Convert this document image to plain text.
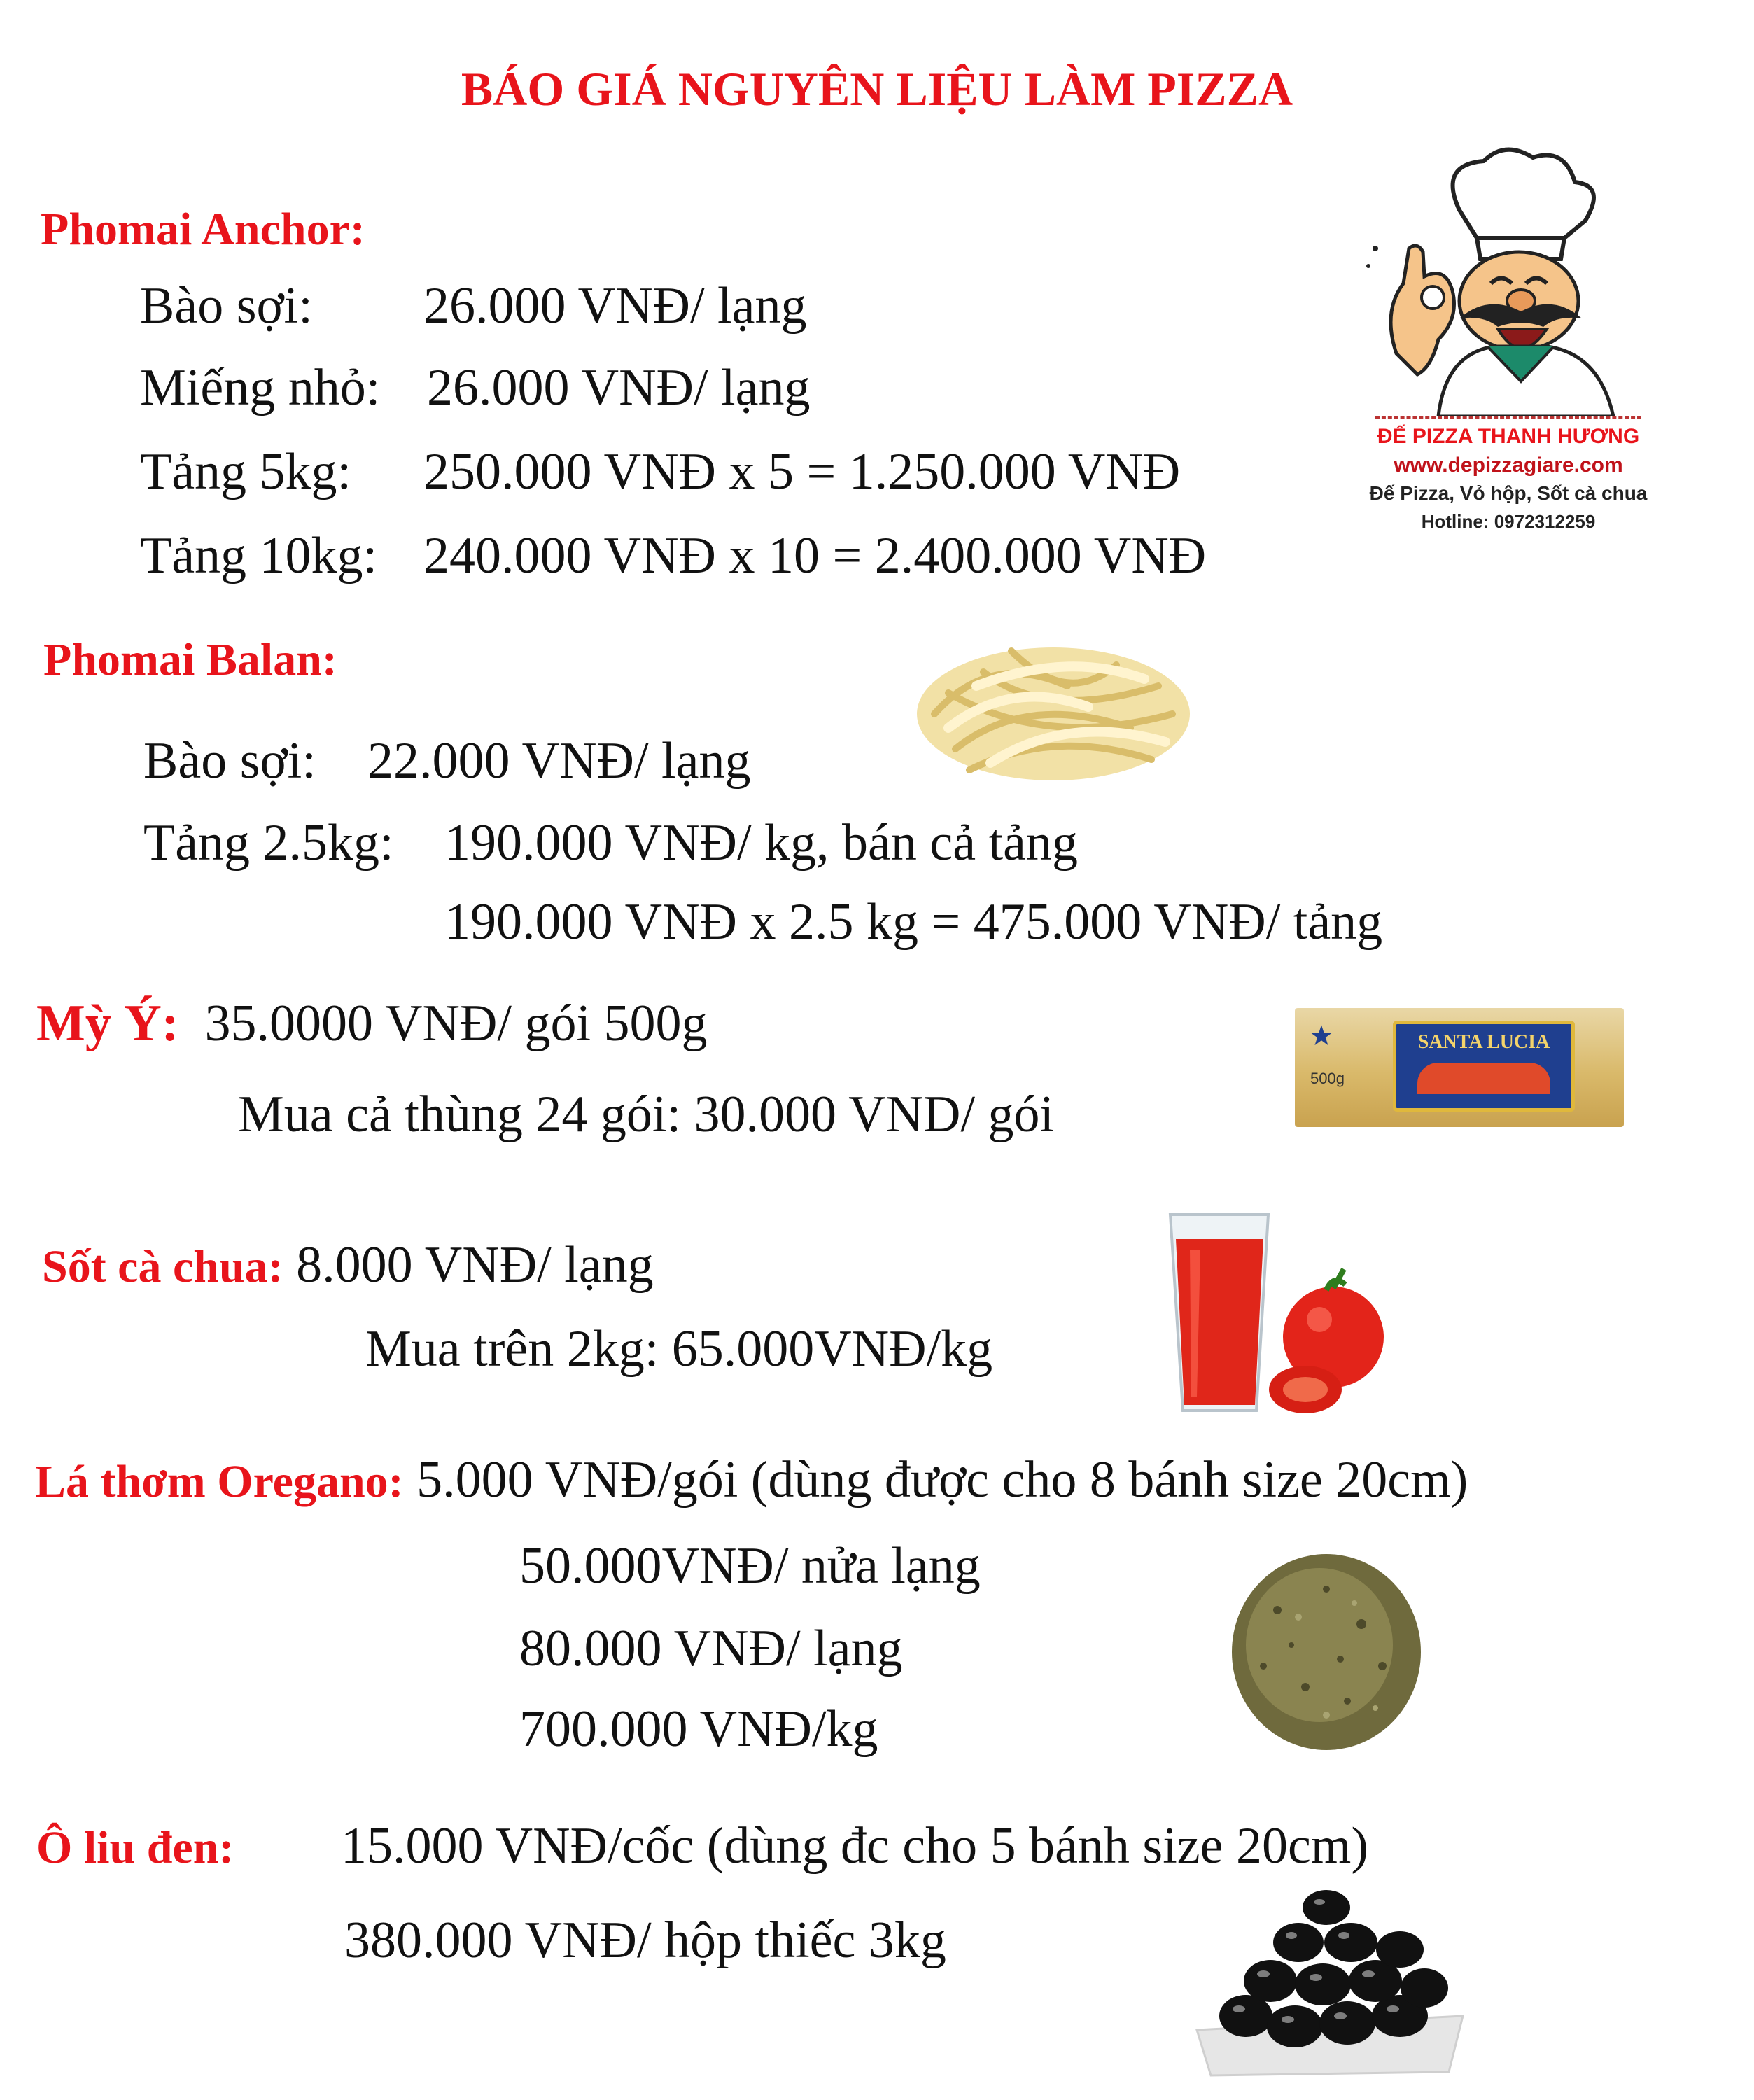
BÁO GIÁ NGUYÊN LIỆU LÀM PIZZA
Phomai Anchor:
Bào sợi: 26.000 VNĐ/ lạng
Miếng nhỏ: 26.000 VNĐ/ lạng
Tảng 5kg: 250.000 VNĐ x 5 = 1.250.000 VNĐ
Tảng 10kg: 240.000 VNĐ x 10 = 2.400.000 VNĐ
ĐẾ PIZZA THANH HƯƠNG
www.depizzagiare.com
Đế Pizza, Vỏ hộp, Sốt cà chua
Hotline: 0972312259
Phomai Balan:
Bào sợi: 22.000 VNĐ/ lạng
Tảng 2.5kg: 190.000 VNĐ/ kg, bán cả tảng
190.000 VNĐ x 2.5 kg = 475.000 VNĐ/ tảng
Mỳ Ý: 35.0000 VNĐ/ gói 500g
Mua cả thùng 24 gói: 30.000 VND/ gói
SANTA LUCIA
500g
★
Sốt cà chua: 8.000 VNĐ/ lạng
Mua trên 2kg: 65.000VNĐ/kg
Lá thơm Oregano: 5.000 VNĐ/gói (dùng được cho 8 bánh size 20cm)
50.000VNĐ/ nửa lạng
80.000 VNĐ/ lạng
700.000 VNĐ/kg
Ô liu đen: 15.000 VNĐ/cốc (dùng đc cho 5 bánh size 20cm)
380.000 VNĐ/ hộp thiếc 3kg
